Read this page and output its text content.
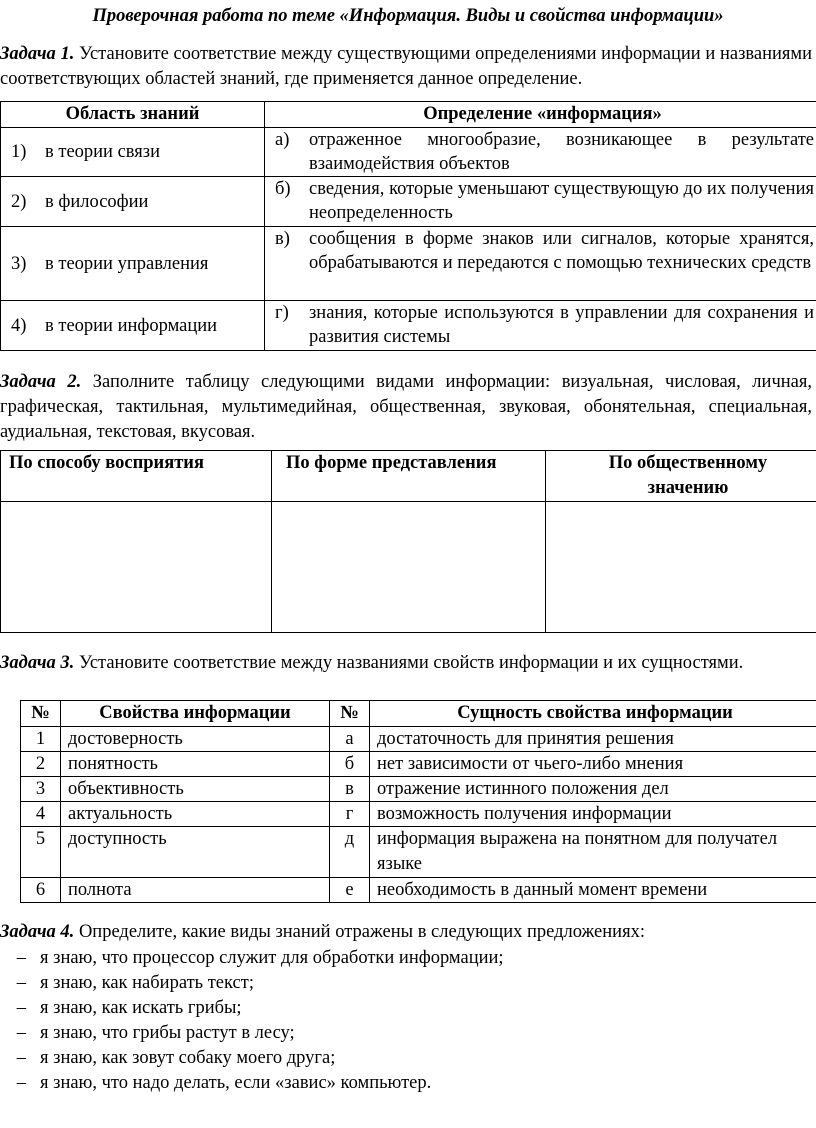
Проверочная работа по теме «Информация. Виды и свойства информации»
Задача 1. Установите соответствие между существующими определениями информации и названиями соответствующих областей знаний, где применяется данное определение.
Область знаний	Определение «информация»
1) в теории связи	а) отраженное многообразие, возникающее в результате взаимодействия объектов

2) в философии	б) сведения, которые уменьшают существующую до их получения неопределенность

3) в теории управления	в) сообщения в форме знаков или сигналов, которые хранятся, обрабатываются и передаются с помощью технических средств

4) в теории информации	г) знания, которые используются в управлении для сохранения и развития системы
Задача 2. Заполните таблицу следующими видами информации: визуальная, числовая, личная, графическая, тактильная, мультимедийная, общественная, звуковая, обонятельная, специальная, аудиальная, текстовая, вкусовая.
По способу восприятия	По форме представления	По общественному значению

Задача 3. Установите соответствие между названиями свойств информации и их сущностями.
№	Свойства информации	№	Сущность свойства информации
1	достоверность	а	достаточность для принятия решения
2	понятность	б	нет зависимости от чьего-либо мнения
3	объективность	в	отражение истинного положения дел
4	актуальность	г	возможность получения информации
5	доступность	д	информация выражена на понятном для получател языке
6	полнота	е	необходимость в данный момент времени
Задача 4. Определите, какие виды знаний отражены в следующих предложениях:
– я знаю, что процессор служит для обработки информации;
– я знаю, как набирать текст;
– я знаю, как искать грибы;
– я знаю, что грибы растут в лесу;
– я знаю, как зовут собаку моего друга;
– я знаю, что надо делать, если «завис» компьютер.
